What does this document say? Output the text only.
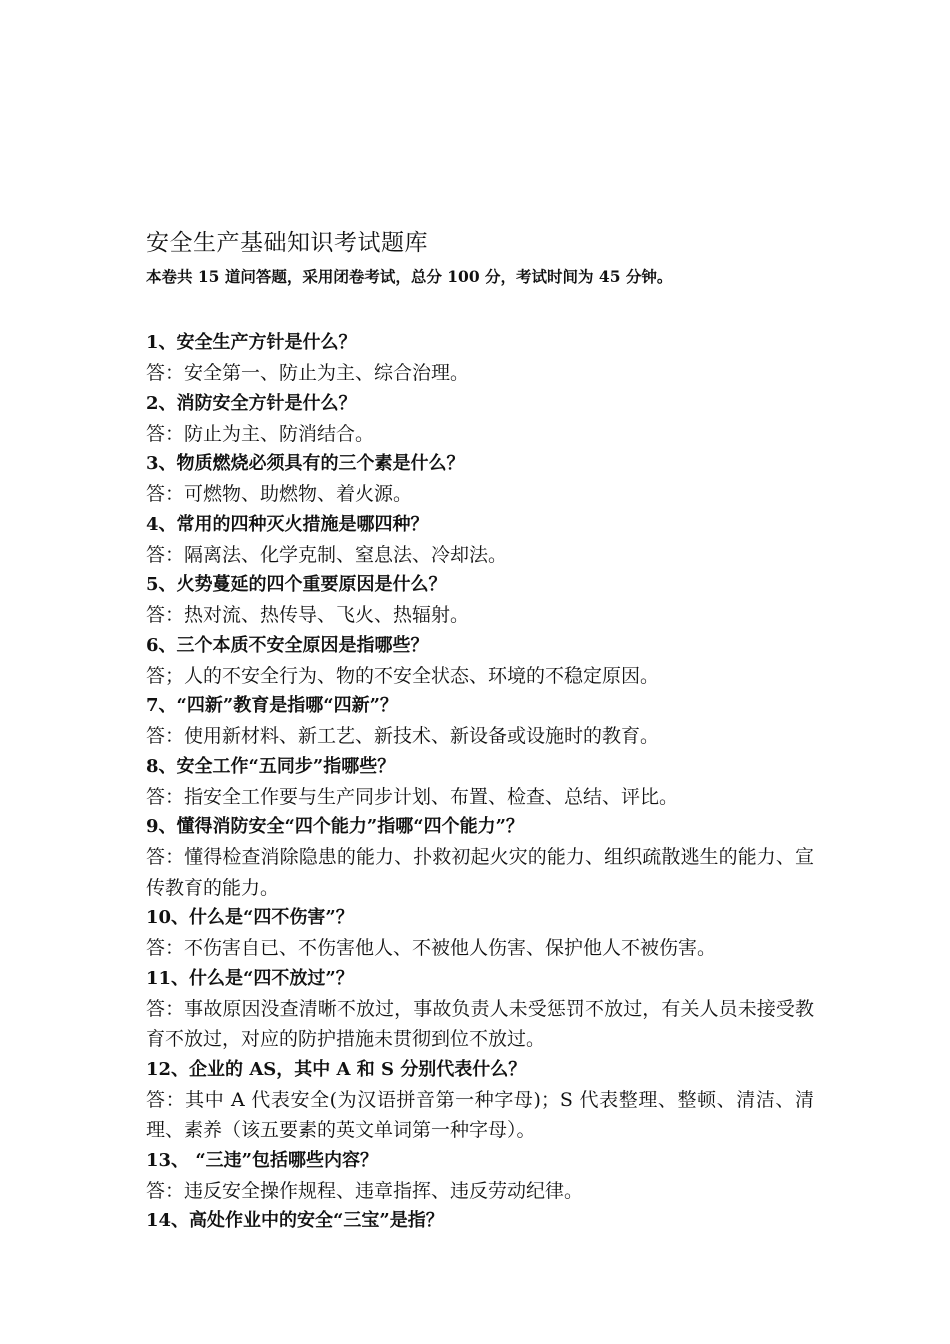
安全生产基础知识考试题库

本卷共 15 道问答题，采用闭卷考试，总分 100 分，考试时间为 45 分钟。

1、安全生产方针是什么？

答：安全第一、防止为主、综合治理。

2、消防安全方针是什么？

答：防止为主、防消结合。

3、物质燃烧必须具有的三个素是什么？

答：可燃物、助燃物、着火源。

4、常用的四种灭火措施是哪四种？

答：隔离法、化学克制、窒息法、冷却法。

5、火势蔓延的四个重要原因是什么？

答：热对流、热传导、飞火、热辐射。

6、三个本质不安全原因是指哪些？

答；人的不安全行为、物的不安全状态、环境的不稳定原因。

7、“四新”教育是指哪“四新”？

答：使用新材料、新工艺、新技术、新设备或设施时的教育。

8、安全工作“五同步”指哪些？

答：指安全工作要与生产同步计划、布置、检查、总结、评比。

9、懂得消防安全“四个能力”指哪“四个能力”？

答：懂得检查消除隐患的能力、扑救初起火灾的能力、组织疏散逃生的能力、宣传教育的能力。

10、什么是“四不伤害”？

答：不伤害自已、不伤害他人、不被他人伤害、保护他人不被伤害。

11、什么是“四不放过”？

答：事故原因没查清晰不放过，事故负责人未受惩罚不放过，有关人员未接受教育不放过，对应的防护措施未贯彻到位不放过。

12、企业的 AS，其中 A 和 S 分别代表什么？

答：其中 A 代表安全(为汉语拼音第一种字母)；S 代表整理、整顿、清洁、清理、素养（该五要素的英文单词第一种字母）。

13、 “三违”包括哪些内容？

答：违反安全操作规程、违章指挥、违反劳动纪律。

14、高处作业中的安全“三宝”是指？
